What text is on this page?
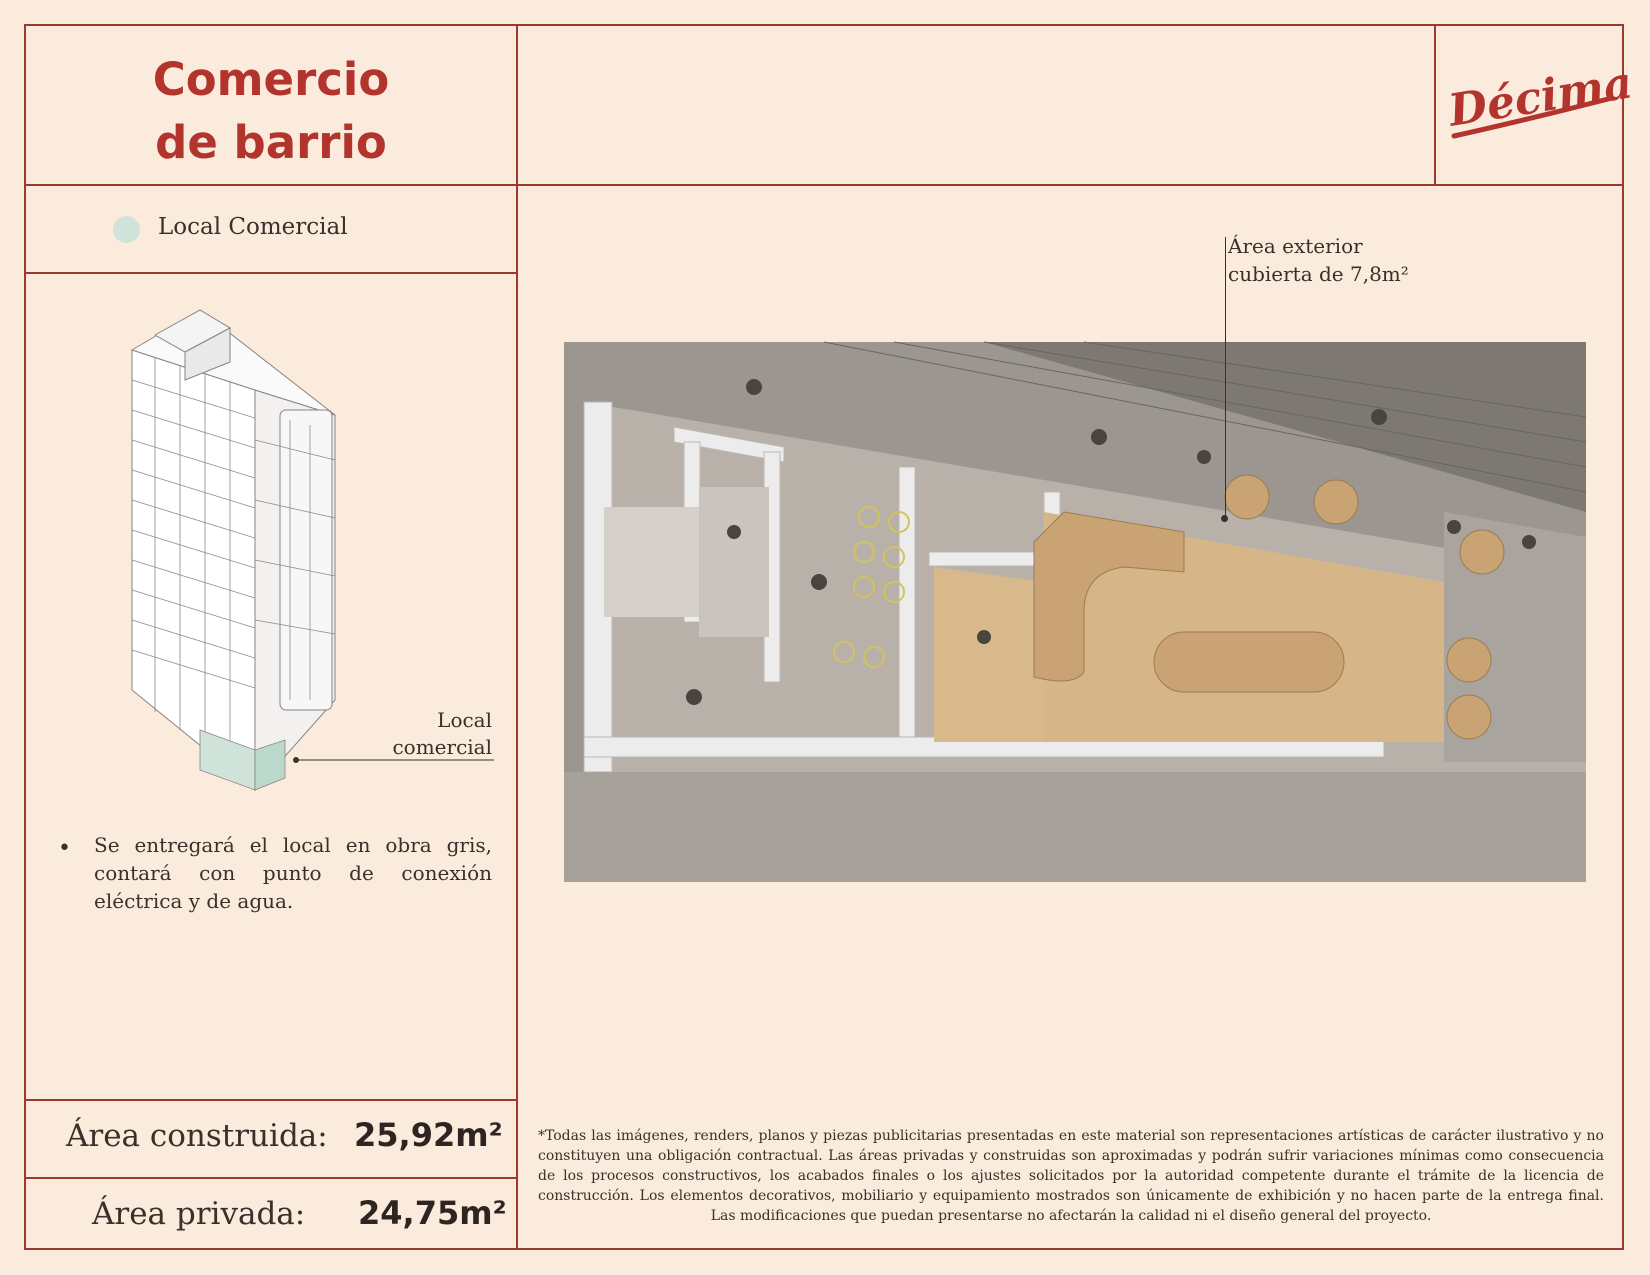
Comercio
de barrio
Décima
Local Comercial
Local
comercial
• Se entregará el local en obra gris, contará con punto de conexión eléctrica y de agua.
Área construida: 25,92m²
Área privada: 24,75m²
Área exterior
cubierta de 7,8m²
*Todas las imágenes, renders, planos y piezas publicitarias presentadas en este material son representaciones artísticas de carácter ilustrativo y no constituyen una obligación contractual. Las áreas privadas y construidas son aproximadas y podrán sufrir variaciones mínimas como consecuencia de los procesos constructivos, los acabados finales o los ajustes solicitados por la autoridad competente durante el trámite de la licencia de construcción. Los elementos decorativos, mobiliario y equipamiento mostrados son únicamente de exhibición y no hacen parte de la entrega final. Las modificaciones que puedan presentarse no afectarán la calidad ni el diseño general del proyecto.
